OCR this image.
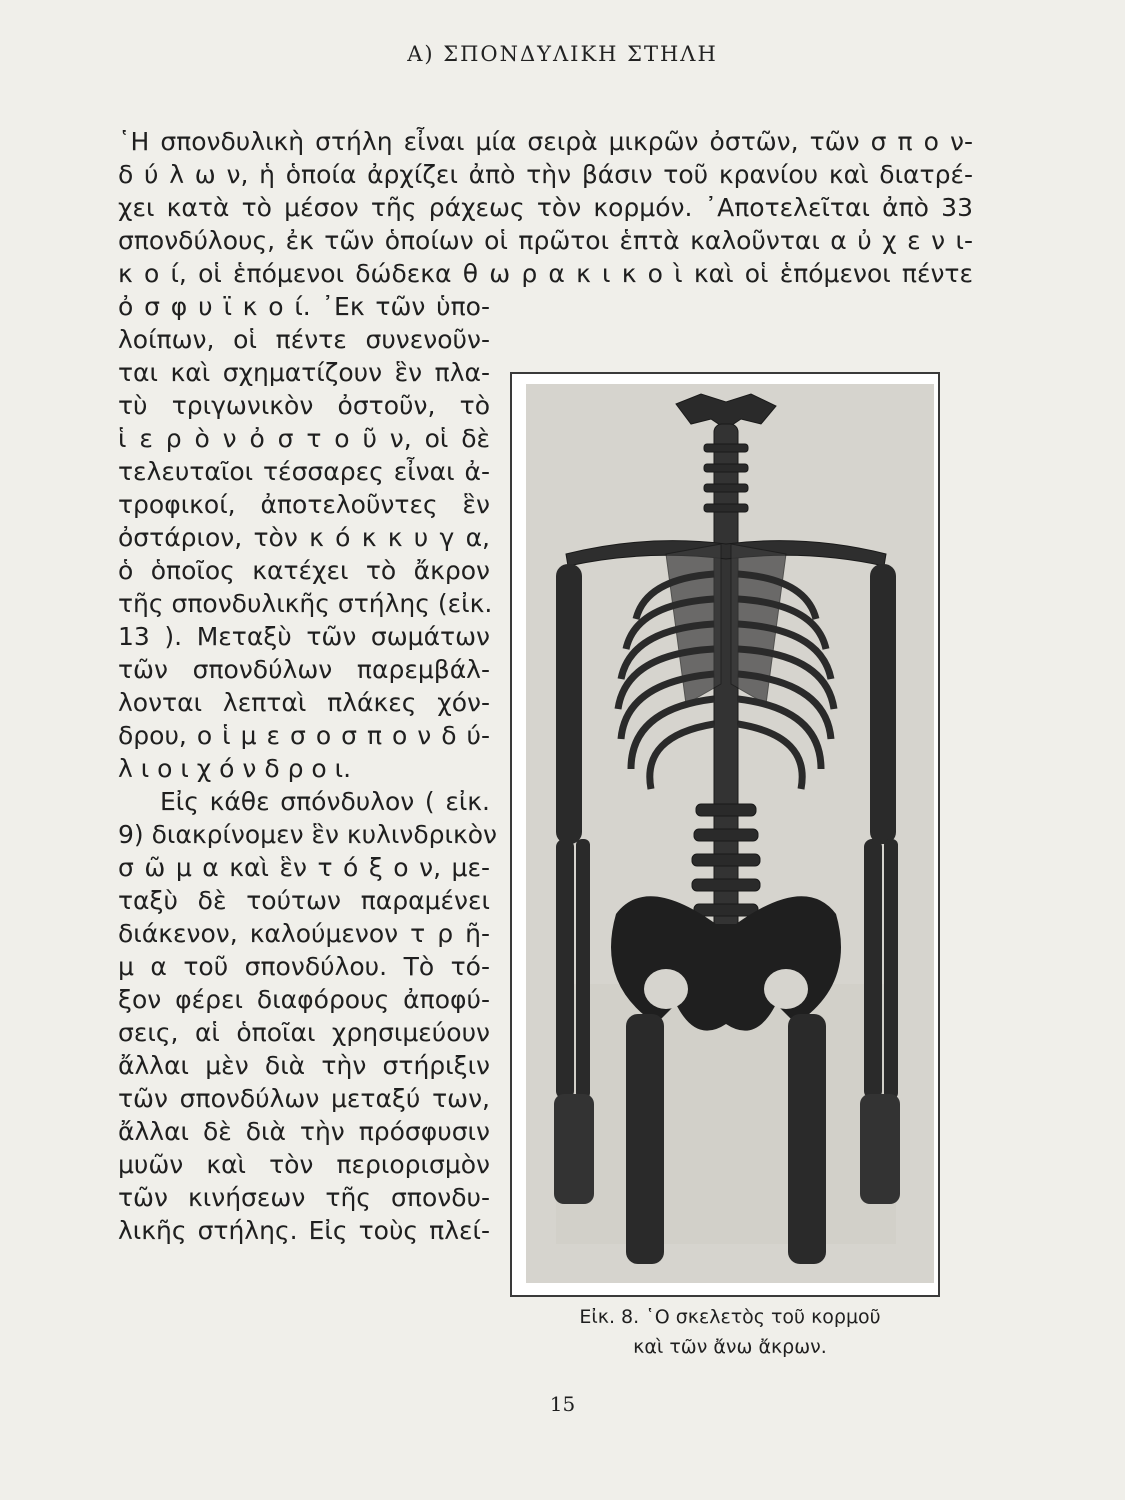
Α) ΣΠΟΝΔΥΛΙΚΗ ΣΤΗΛΗ
῾Η σπονδυλικὴ στήλη εἶναι μία σειρὰ μικρῶν ὀστῶν, τῶν σ π ο ν-
δ ύ λ ω ν, ἡ ὁποία ἀρχίζει ἀπὸ τὴν βάσιν τοῦ κρανίου καὶ διατρέ-
χει κατὰ τὸ μέσον τῆς ράχεως τὸν κορμόν. ᾿Αποτελεῖται ἀπὸ 33
σπονδύλους, ἐκ τῶν ὁποίων οἱ πρῶτοι ἑπτὰ καλοῦνται α ὐ χ ε ν ι-
κ ο ί, οἱ ἑπόμενοι δώδεκα θ ω ρ α κ ι κ ο ὶ καὶ οἱ ἑπόμενοι πέντε
ὀ σ φ υ ϊ κ ο ί. ᾿Εκ τῶν ὑπο-
λοίπων, οἱ πέντε συνενοῦν-
ται καὶ σχηματίζουν ἓν πλα-
τὺ τριγωνικὸν ὀστοῦν, τὸ
ἱ ε ρ ὸ ν ὀ σ τ ο ῦ ν, οἱ δὲ
τελευταῖοι τέσσαρες εἶναι ἀ-
τροφικοί, ἀποτελοῦντες ἓν
ὀστάριον, τὸν κ ό κ κ υ γ α,
ὁ ὁποῖος κατέχει τὸ ἄκρον
τῆς σπονδυλικῆς στήλης (εἰκ.
13 ). Μεταξὺ τῶν σωμάτων
τῶν σπονδύλων παρεμβάλ-
λονται λεπταὶ πλάκες χόν-
δρου, ο ἱ μ ε σ ο σ π ο ν δ ύ-
λ ι ο ι χ ό ν δ ρ ο ι.
Εἰς κάθε σπόνδυλον ( εἰκ.
9) διακρίνομεν ἓν κυλινδρικὸν
σ ῶ μ α καὶ ἓν τ ό ξ ο ν, με-
ταξὺ δὲ τούτων παραμένει
διάκενον, καλούμενον τ ρ ῆ-
μ α τοῦ σπονδύλου. Τὸ τό-
ξον φέρει διαφόρους ἀποφύ-
σεις, αἱ ὁποῖαι χρησιμεύουν
ἄλλαι μὲν διὰ τὴν στήριξιν
τῶν σπονδύλων μεταξύ των,
ἄλλαι δὲ διὰ τὴν πρόσφυσιν
μυῶν καὶ τὸν περιορισμὸν
τῶν κινήσεων τῆς σπονδυ-
λικῆς στήλης. Εἰς τοὺς πλεί-
Εἰκ. 8. ῾Ο σκελετὸς τοῦ κορμοῦ
καὶ τῶν ἄνω ἄκρων.
15
